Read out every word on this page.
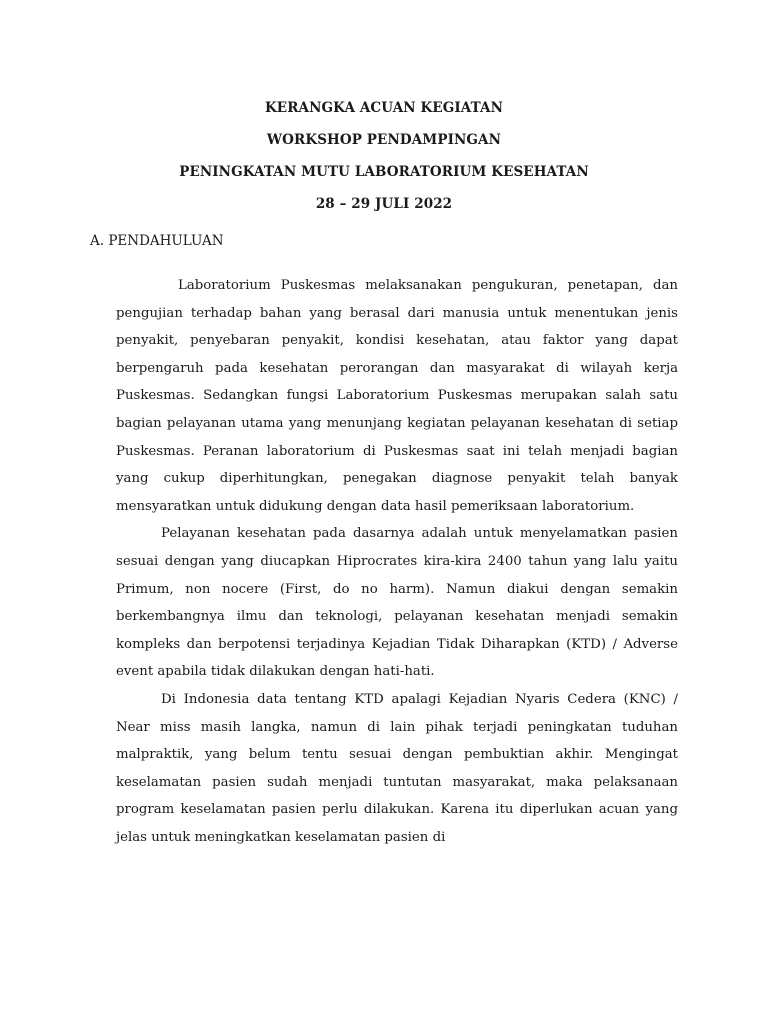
KERANGKA ACUAN KEGIATAN
WORKSHOP PENDAMPINGAN
PENINGKATAN MUTU LABORATORIUM KESEHATAN
28 – 29 JULI 2022
A. PENDAHULUAN

Laboratorium Puskesmas melaksanakan pengukuran, penetapan, dan pengujian terhadap bahan yang berasal dari manusia untuk menentukan jenis penyakit, penyebaran penyakit, kondisi kesehatan, atau faktor yang dapat berpengaruh pada kesehatan perorangan dan masyarakat di wilayah kerja Puskesmas. Sedangkan fungsi Laboratorium Puskesmas merupakan salah satu bagian pelayanan utama yang menunjang kegiatan pelayanan kesehatan di setiap Puskesmas. Peranan laboratorium di Puskesmas saat ini telah menjadi bagian yang cukup diperhitungkan, penegakan diagnose penyakit telah banyak mensyaratkan untuk didukung dengan data hasil pemeriksaan laboratorium.

Pelayanan kesehatan pada dasarnya adalah untuk menyelamatkan pasien sesuai dengan yang diucapkan Hiprocrates kira-kira 2400 tahun yang lalu yaitu Primum, non nocere (First, do no harm). Namun diakui dengan semakin berkembangnya ilmu dan teknologi, pelayanan kesehatan menjadi semakin kompleks dan berpotensi terjadinya Kejadian Tidak Diharapkan (KTD) / Adverse event apabila tidak dilakukan dengan hati-hati.

Di Indonesia data tentang KTD apalagi Kejadian Nyaris Cedera (KNC) / Near miss masih langka, namun di lain pihak terjadi peningkatan tuduhan malpraktik, yang belum tentu sesuai dengan pembuktian akhir. Mengingat keselamatan pasien sudah menjadi tuntutan masyarakat, maka pelaksanaan program keselamatan pasien perlu dilakukan. Karena itu diperlukan acuan yang jelas untuk meningkatkan keselamatan pasien di
